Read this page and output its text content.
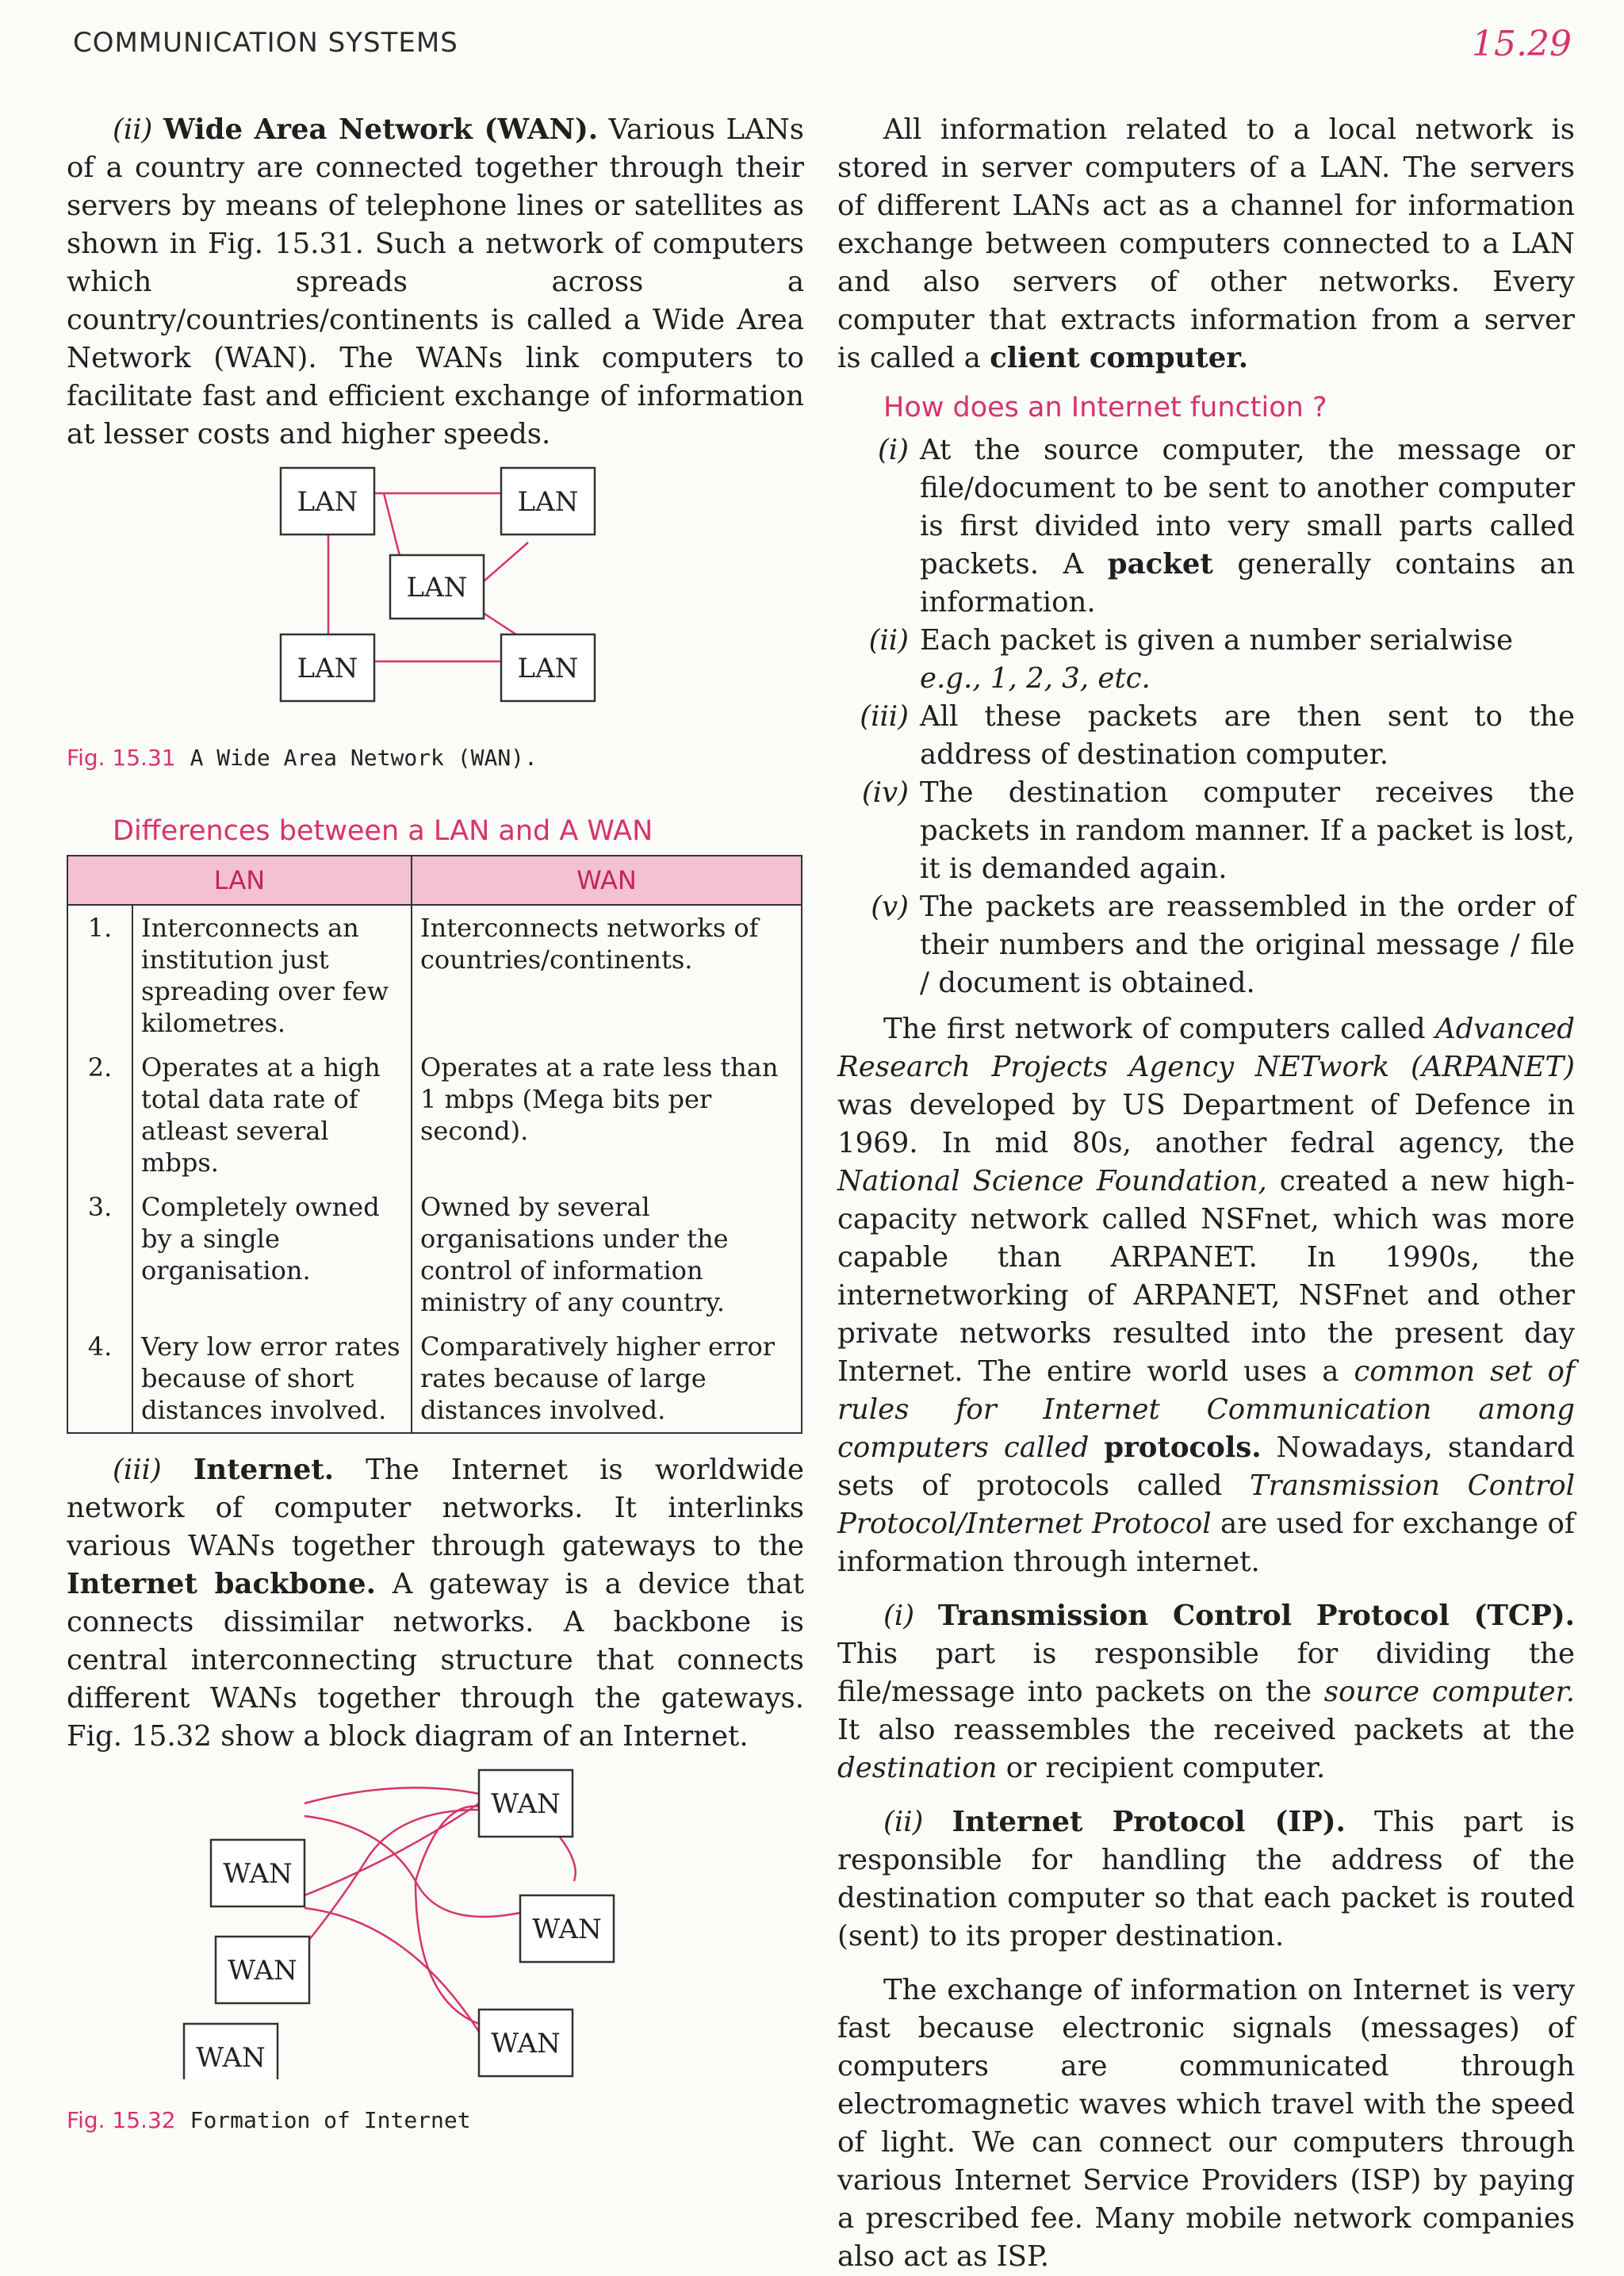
COMMUNICATION SYSTEMS	15.29

(ii) Wide Area Network (WAN). Various LANs of a country are connected together through their servers by means of telephone lines or satellites as shown in Fig. 15.31. Such a network of computers which spreads across a country/countries/continents is called a Wide Area Network (WAN). The WANs link computers to facilitate fast and efficient exchange of information at lesser costs and higher speeds.

LAN	LAN
LAN
LAN	LAN

Fig. 15.31 A Wide Area Network (WAN).

Differences between a LAN and A WAN
LAN		WAN
1.	Interconnects an institution just spreading over few kilometres.	Interconnects networks of countries/continents.
2.	Operates at a high total data rate of atleast several mbps.	Operates at a rate less than 1 mbps (Mega bits per second).
3.	Completely owned by a single organisation.	Owned by several organisations under the control of information ministry of any country.
4.	Very low error rates because of short distances involved.	Comparatively higher error rates because of large distances involved.

(iii) Internet. The Internet is worldwide network of computer networks. It interlinks various WANs together through gateways to the Internet backbone. A gateway is a device that connects dissimilar networks. A backbone is central interconnecting structure that connects different WANs together through the gateways. Fig. 15.32 show a block diagram of an Internet.

WAN
WAN
WAN
WAN
WAN
WAN

Fig. 15.32 Formation of Internet

All information related to a local network is stored in server computers of a LAN. The servers of different LANs act as a channel for information exchange between computers connected to a LAN and also servers of other networks. Every computer that extracts information from a server is called a client computer.

How does an Internet function ?
(i) At the source computer, the message or file/document to be sent to another computer is first divided into very small parts called packets. A packet generally contains an information.

(ii) Each packet is given a number serialwise
e.g., 1, 2, 3, etc.

(iii) All these packets are then sent to the address of destination computer.

(iv) The destination computer receives the packets in random manner. If a packet is lost, it is demanded again.

(v) The packets are reassembled in the order of their numbers and the original message / file / document is obtained.

The first network of computers called Advanced Research Projects Agency NETwork (ARPANET) was developed by US Department of Defence in 1969. In mid 80s, another fedral agency, the National Science Foundation, created a new high-capacity network called NSFnet, which was more capable than ARPANET. In 1990s, the internetworking of ARPANET, NSFnet and other private networks resulted into the present day Internet. The entire world uses a common set of rules for Internet Communication among computers called protocols. Nowadays, standard sets of protocols called Transmission Control Protocol/Internet Protocol are used for exchange of information through internet.

(i) Transmission Control Protocol (TCP). This part is responsible for dividing the file/message into packets on the source computer. It also reassembles the received packets at the destination or recipient computer.

(ii) Internet Protocol (IP). This part is responsible for handling the address of the destination computer so that each packet is routed (sent) to its proper destination.

The exchange of information on Internet is very fast because electronic signals (messages) of computers are communicated through electromagnetic waves which travel with the speed of light. We can connect our computers through various Internet Service Providers (ISP) by paying a prescribed fee. Many mobile network companies also act as ISP.
